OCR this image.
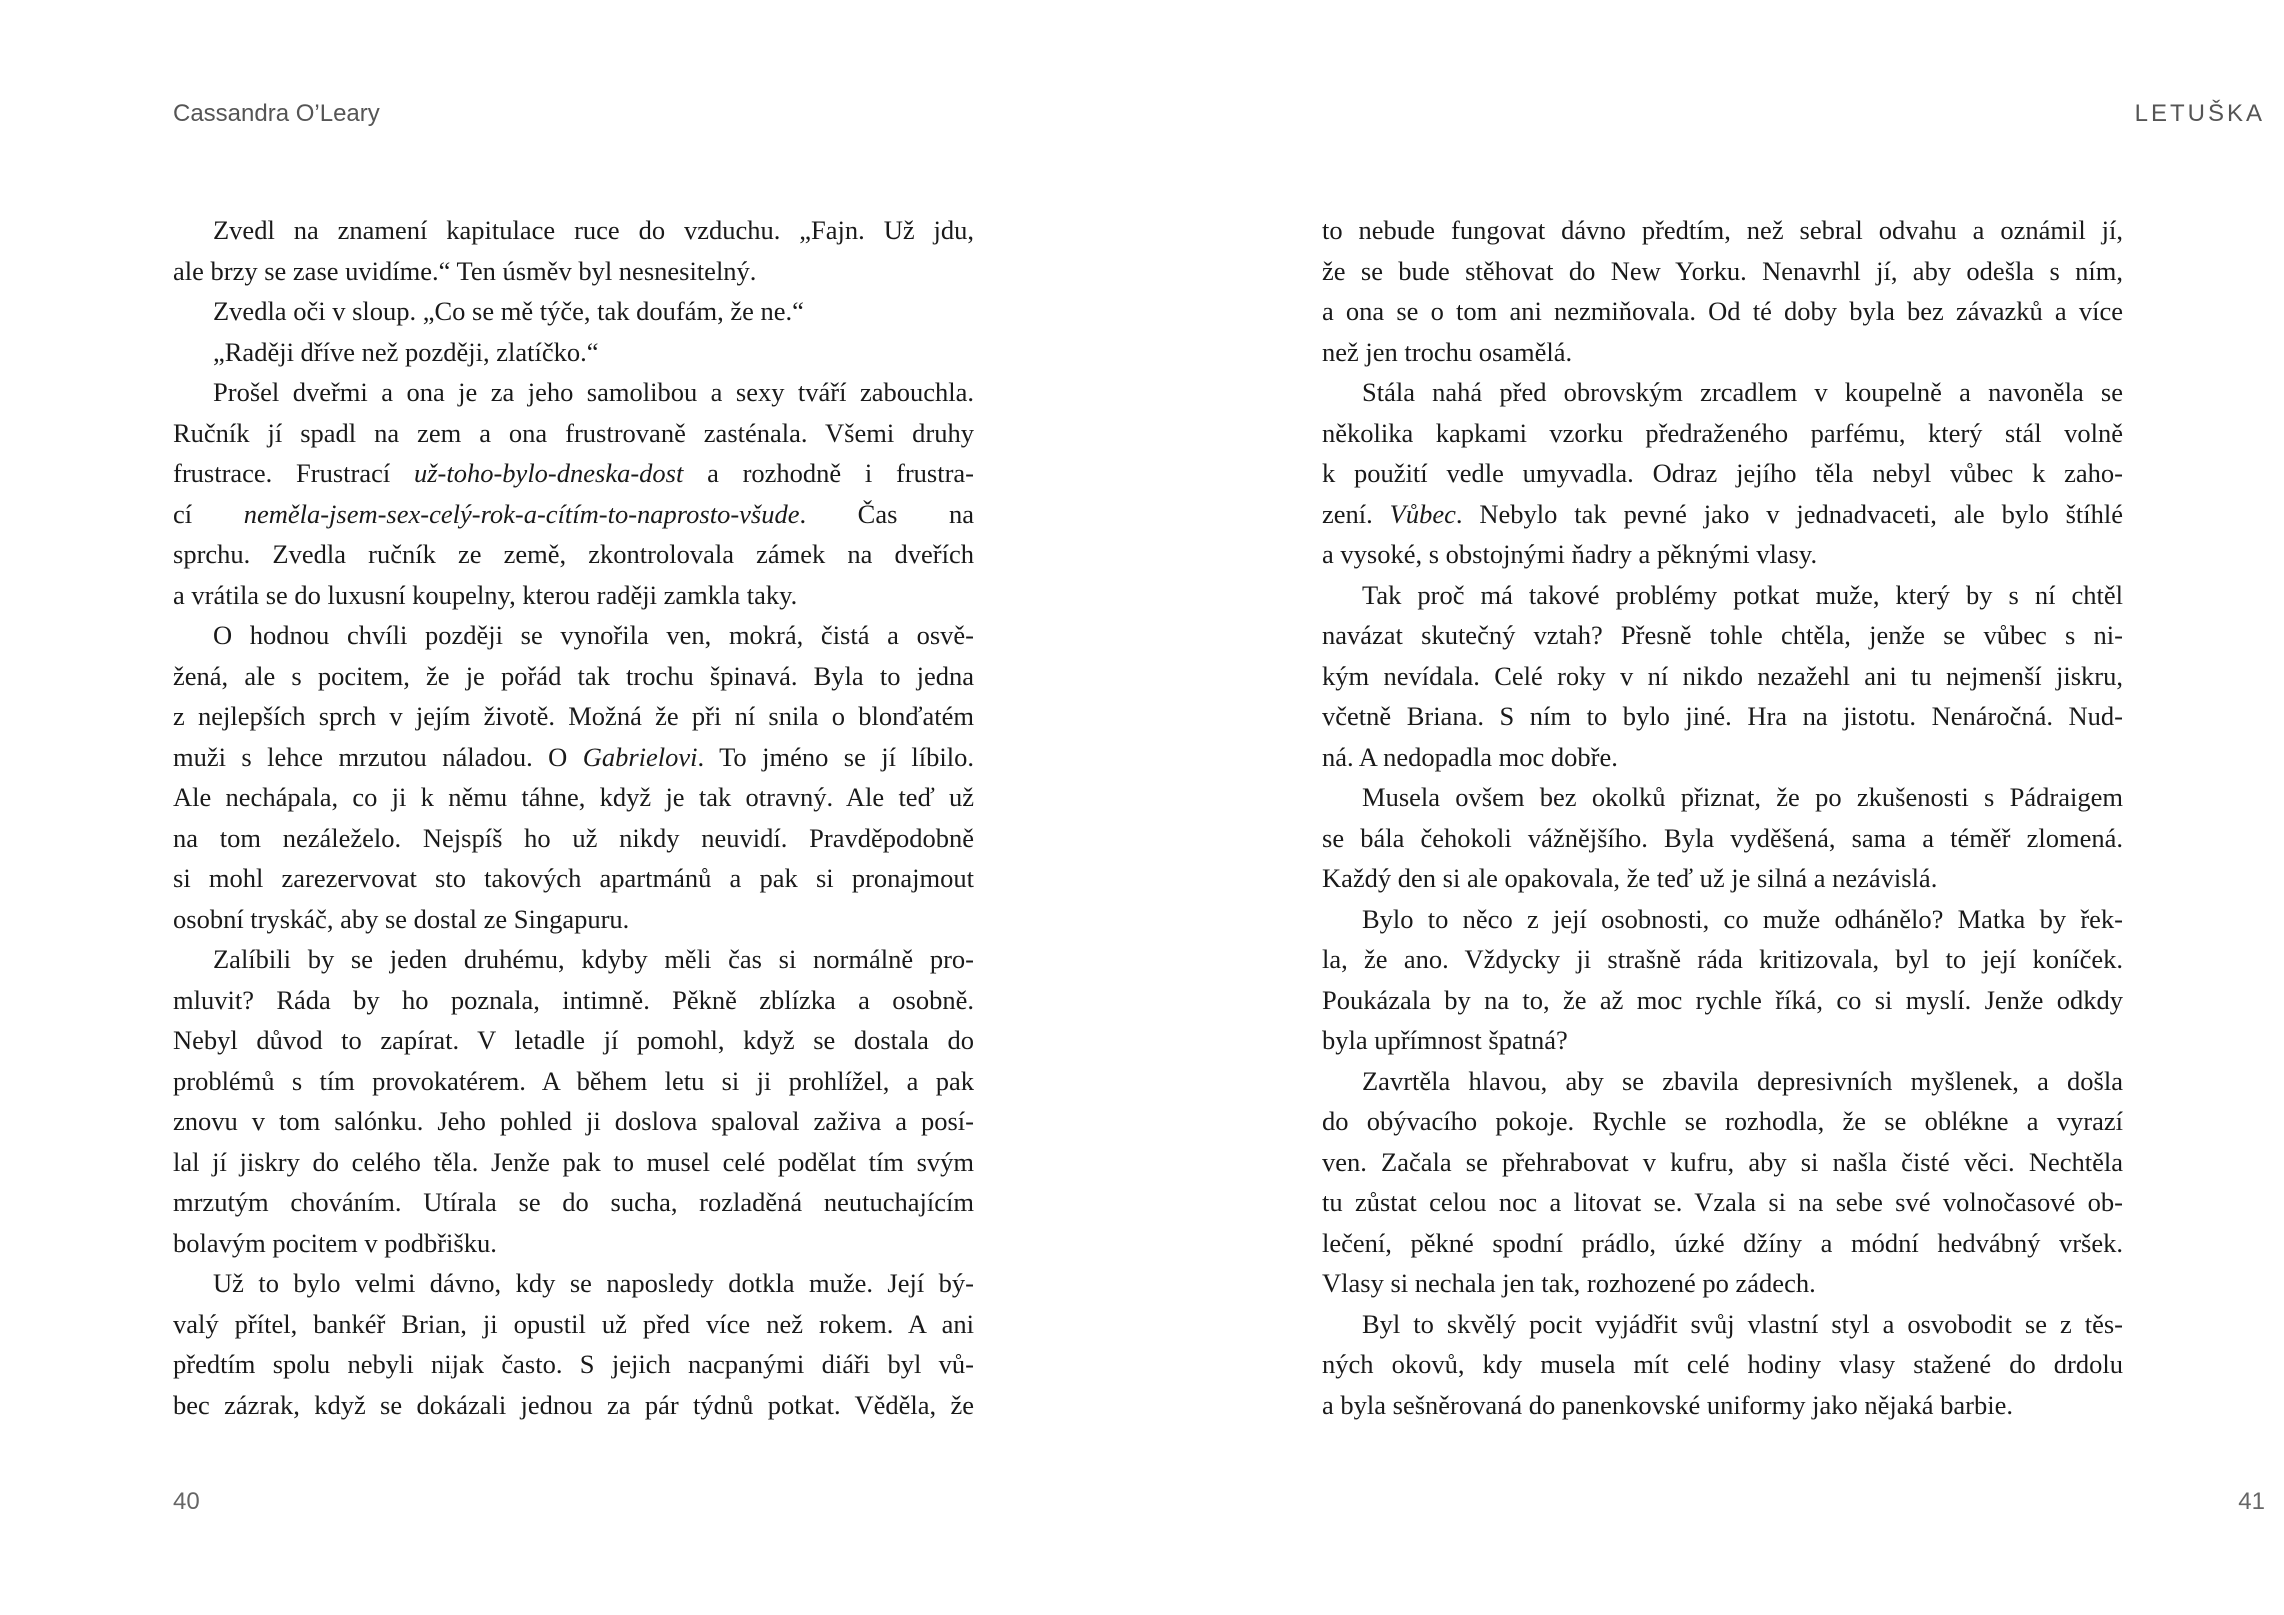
Cassandra O’Leary
Zvedl na znamení kapitulace ruce do vzduchu. „Fajn. Už jdu,
ale brzy se zase uvidíme.“ Ten úsměv byl nesnesitelný.
Zvedla oči v sloup. „Co se mě týče, tak doufám, že ne.“
„Raději dříve než později, zlatíčko.“
Prošel dveřmi a ona je za jeho samolibou a sexy tváří zabouchla.
Ručník jí spadl na zem a ona frustrovaně zasténala. Všemi druhy
frustrace. Frustrací už-toho-bylo-dneska-dost a rozhodně i frustra-
cí neměla-jsem-sex-celý-rok-a-cítím-to-naprosto-všude. Čas na
sprchu. Zvedla ručník ze země, zkontrolovala zámek na dveřích
a vrátila se do luxusní koupelny, kterou raději zamkla taky.
O hodnou chvíli později se vynořila ven, mokrá, čistá a osvě-
žená, ale s pocitem, že je pořád tak trochu špinavá. Byla to jedna
z nejlepších sprch v jejím životě. Možná že při ní snila o blonďatém
muži s lehce mrzutou náladou. O Gabrielovi. To jméno se jí líbilo.
Ale nechápala, co ji k němu táhne, když je tak otravný. Ale teď už
na tom nezáleželo. Nejspíš ho už nikdy neuvidí. Pravděpodobně
si mohl zarezervovat sto takových apartmánů a pak si pronajmout
osobní tryskáč, aby se dostal ze Singapuru.
Zalíbili by se jeden druhému, kdyby měli čas si normálně pro-
mluvit? Ráda by ho poznala, intimně. Pěkně zblízka a osobně.
Nebyl důvod to zapírat. V letadle jí pomohl, když se dostala do
problémů s tím provokatérem. A během letu si ji prohlížel, a pak
znovu v tom salónku. Jeho pohled ji doslova spaloval zaživa a posí-
lal jí jiskry do celého těla. Jenže pak to musel celé podělat tím svým
mrzutým chováním. Utírala se do sucha, rozladěná neutuchajícím
bolavým pocitem v podbřišku.
Už to bylo velmi dávno, kdy se naposledy dotkla muže. Její bý-
valý přítel, bankéř Brian, ji opustil už před více než rokem. A ani
předtím spolu nebyli nijak často. S jejich nacpanými diáři byl vů-
bec zázrak, když se dokázali jednou za pár týdnů potkat. Věděla, že
40
LETUŠKA
to nebude fungovat dávno předtím, než sebral odvahu a oznámil jí,
že se bude stěhovat do New Yorku. Nenavrhl jí, aby odešla s ním,
a ona se o tom ani nezmiňovala. Od té doby byla bez závazků a více
než jen trochu osamělá.
Stála nahá před obrovským zrcadlem v koupelně a navoněla se
několika kapkami vzorku předraženého parfému, který stál volně
k použití vedle umyvadla. Odraz jejího těla nebyl vůbec k zaho-
zení. Vůbec. Nebylo tak pevné jako v jednadvaceti, ale bylo štíhlé
a vysoké, s obstojnými ňadry a pěknými vlasy.
Tak proč má takové problémy potkat muže, který by s ní chtěl
navázat skutečný vztah? Přesně tohle chtěla, jenže se vůbec s ni-
kým nevídala. Celé roky v ní nikdo nezažehl ani tu nejmenší jiskru,
včetně Briana. S ním to bylo jiné. Hra na jistotu. Nenáročná. Nud-
ná. A nedopadla moc dobře.
Musela ovšem bez okolků přiznat, že po zkušenosti s Pádraigem
se bála čehokoli vážnějšího. Byla vyděšená, sama a téměř zlomená.
Každý den si ale opakovala, že teď už je silná a nezávislá.
Bylo to něco z její osobnosti, co muže odhánělo? Matka by řek-
la, že ano. Vždycky ji strašně ráda kritizovala, byl to její koníček.
Poukázala by na to, že až moc rychle říká, co si myslí. Jenže odkdy
byla upřímnost špatná?
Zavrtěla hlavou, aby se zbavila depresivních myšlenek, a došla
do obývacího pokoje. Rychle se rozhodla, že se oblékne a vyrazí
ven. Začala se přehrabovat v kufru, aby si našla čisté věci. Nechtěla
tu zůstat celou noc a litovat se. Vzala si na sebe své volnočasové ob-
lečení, pěkné spodní prádlo, úzké džíny a módní hedvábný vršek.
Vlasy si nechala jen tak, rozhozené po zádech.
Byl to skvělý pocit vyjádřit svůj vlastní styl a osvobodit se z těs-
ných okovů, kdy musela mít celé hodiny vlasy stažené do drdolu
a byla sešněrovaná do panenkovské uniformy jako nějaká barbie.
41
